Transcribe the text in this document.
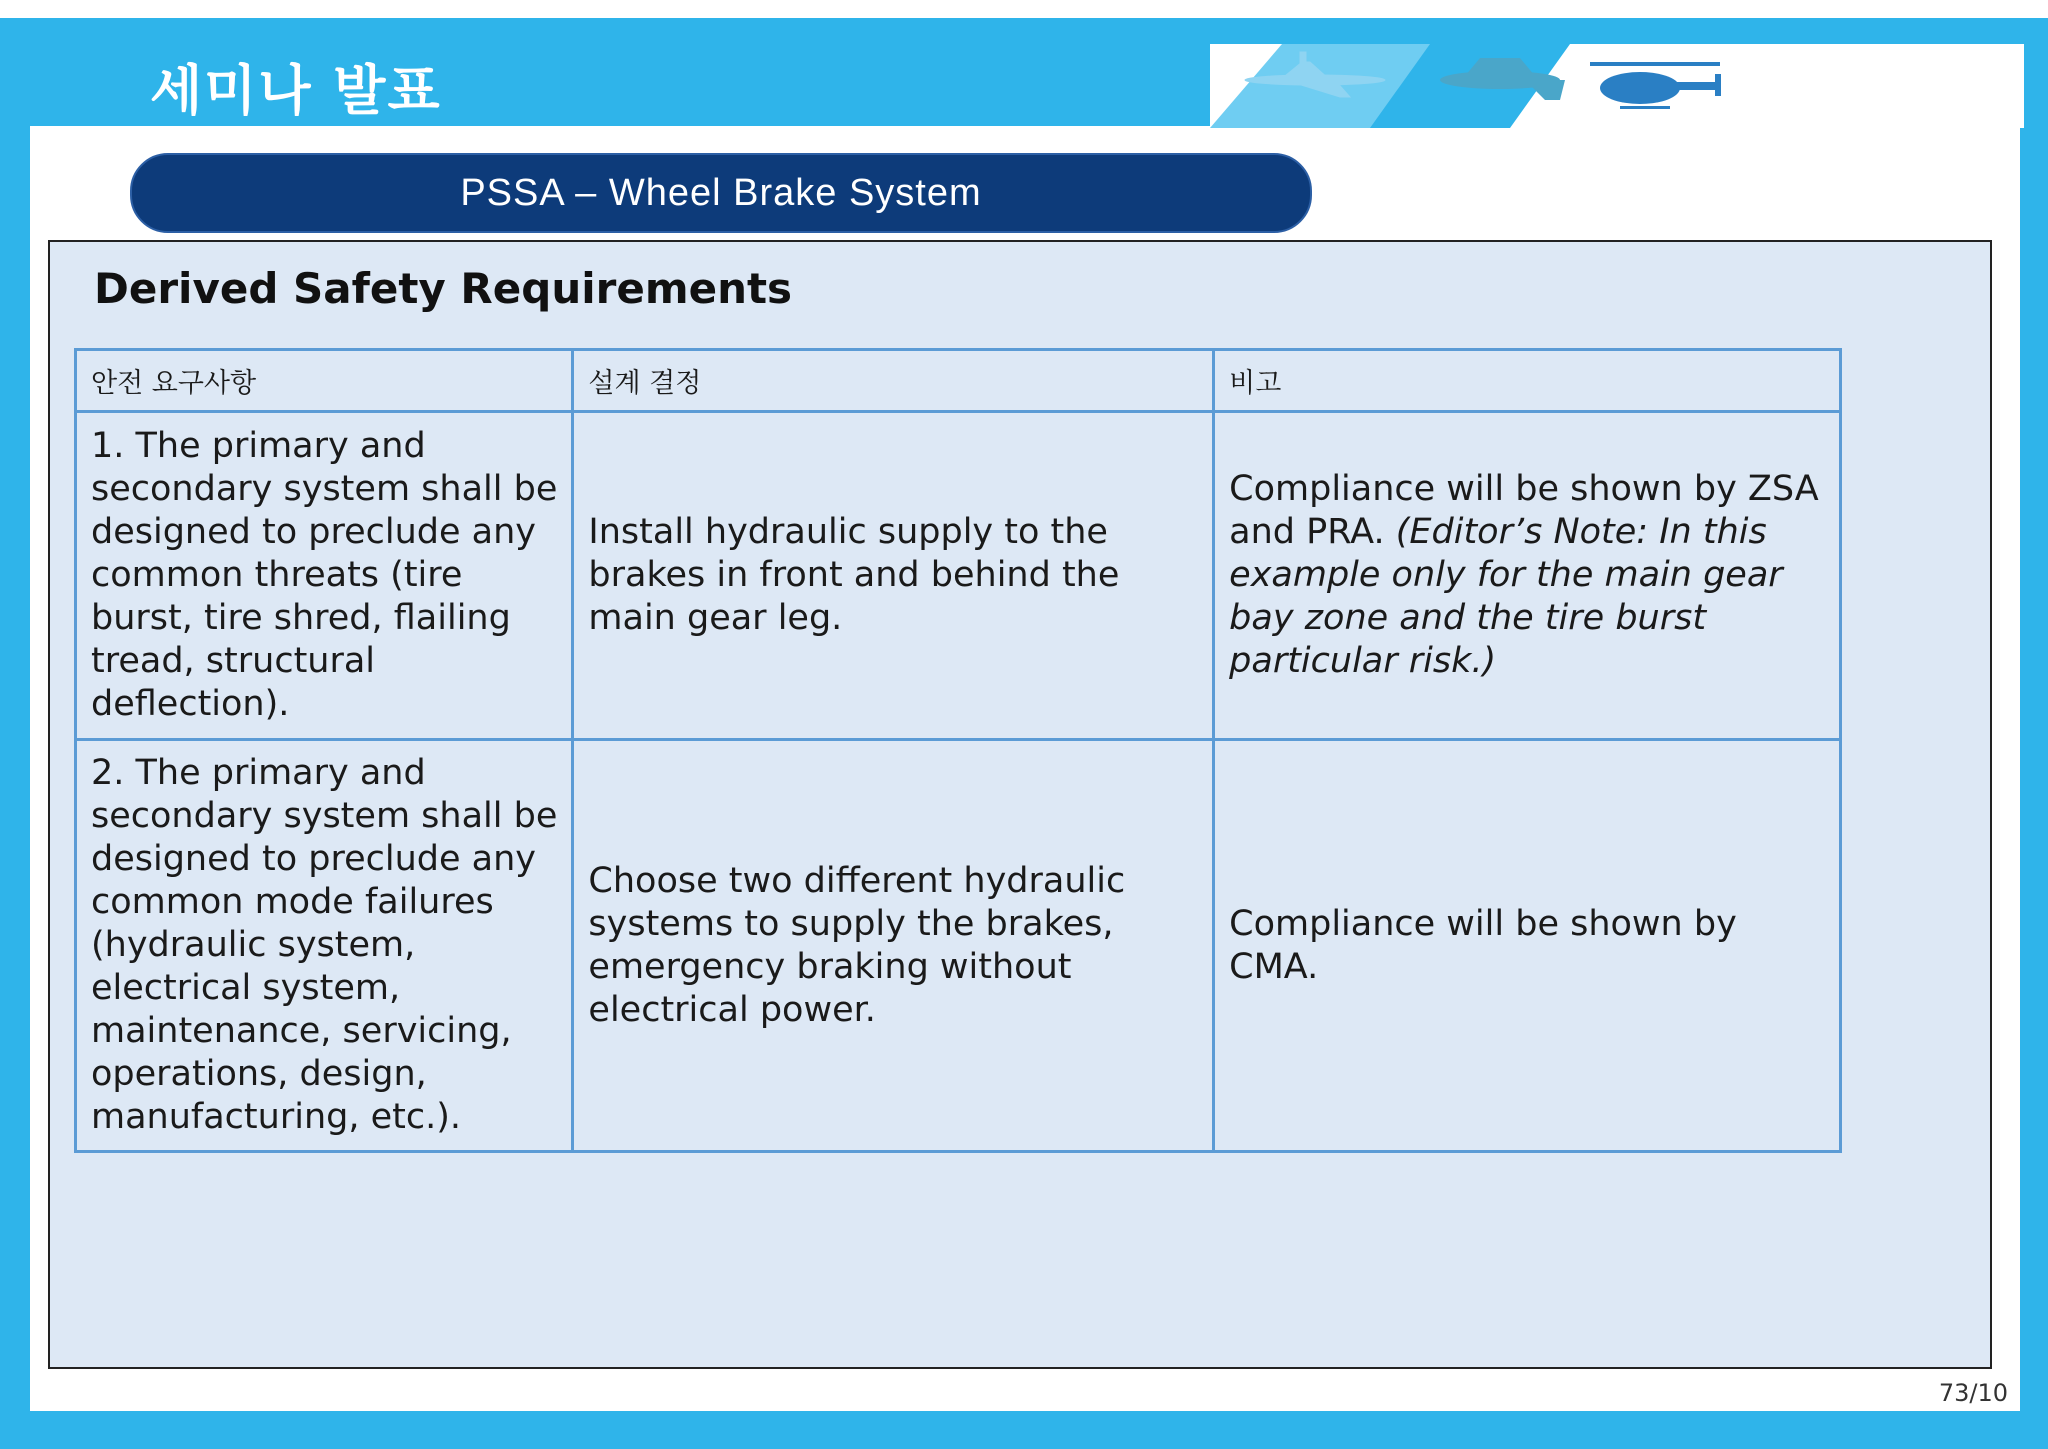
세미나 발표
PSSA – Wheel Brake System
Derived Safety Requirements
안전 요구사항	설계 결정	비고
1. The primary and secondary system shall be designed to preclude any common threats (tire burst, tire shred, flailing tread, structural deflection).	Install hydraulic supply to the brakes in front and behind the main gear leg.	Compliance will be shown by ZSA and PRA. (Editor’s Note: In this example only for the main gear bay zone and the tire burst particular risk.)
2. The primary and secondary system shall be designed to preclude any common mode failures (hydraulic system, electrical system, maintenance, servicing, operations, design, manufacturing, etc.).	Choose two different hydraulic systems to supply the brakes, emergency braking without electrical power.	Compliance will be shown by CMA.
73/10
